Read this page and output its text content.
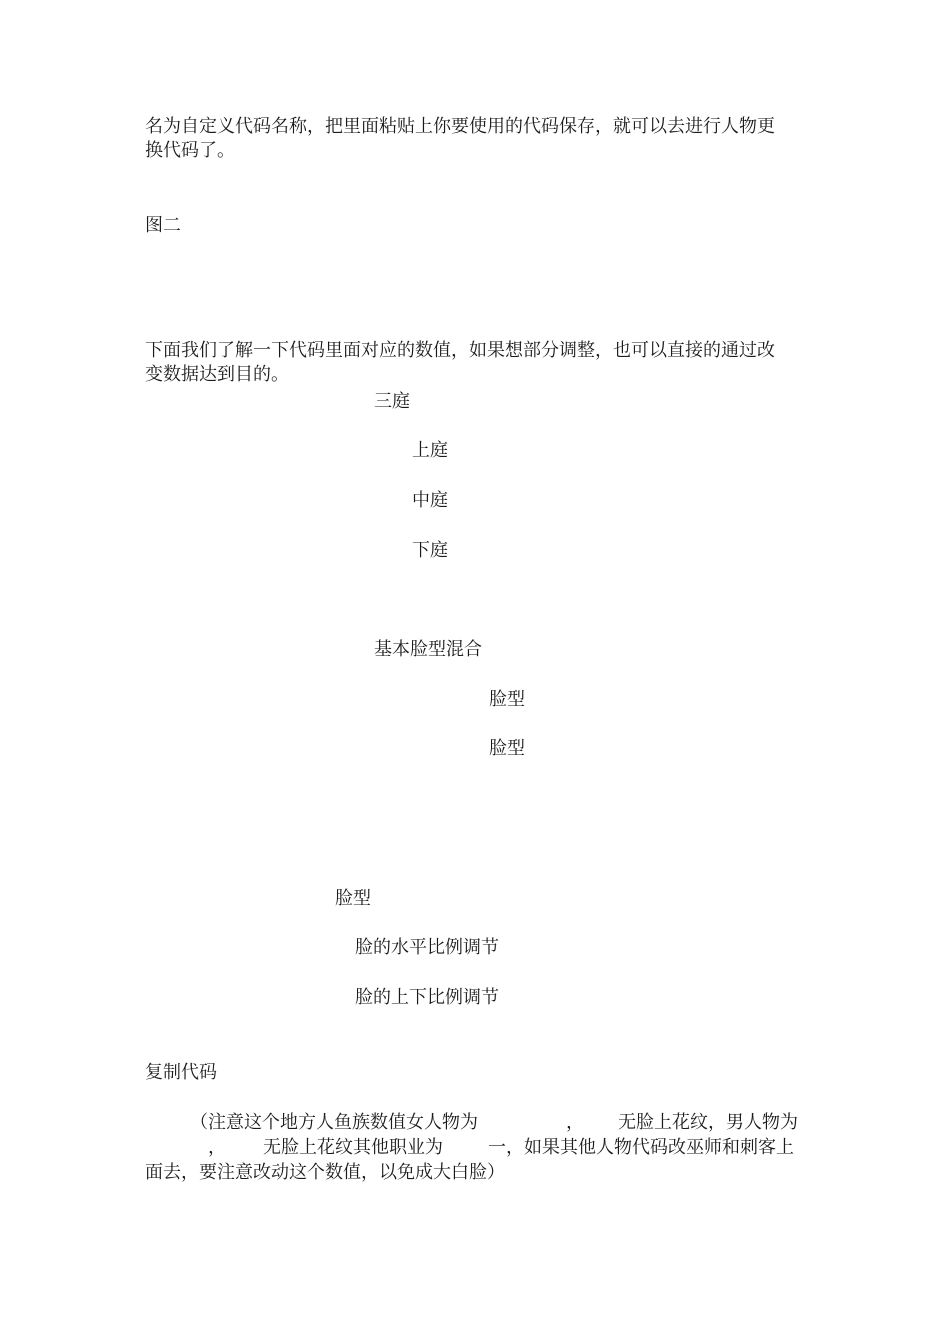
名为自定义代码名称，把里面粘贴上你要使用的代码保存，就可以去进行人物更
换代码了。

图二

下面我们了解一下代码里面对应的数值，如果想部分调整，也可以直接的通过改
变数据达到目的。

三庭

上庭

中庭

下庭

基本脸型混合

脸型

脸型

脸型

脸的水平比例调节

脸的上下比例调节

复制代码

（注意这个地方人鱼族数值女人物为	， 无脸上花纹，男人物为

， 无脸上花纹其他职业为	一，如果其他人物代码改巫师和刺客上

面去，要注意改动这个数值，以免成大白脸）
